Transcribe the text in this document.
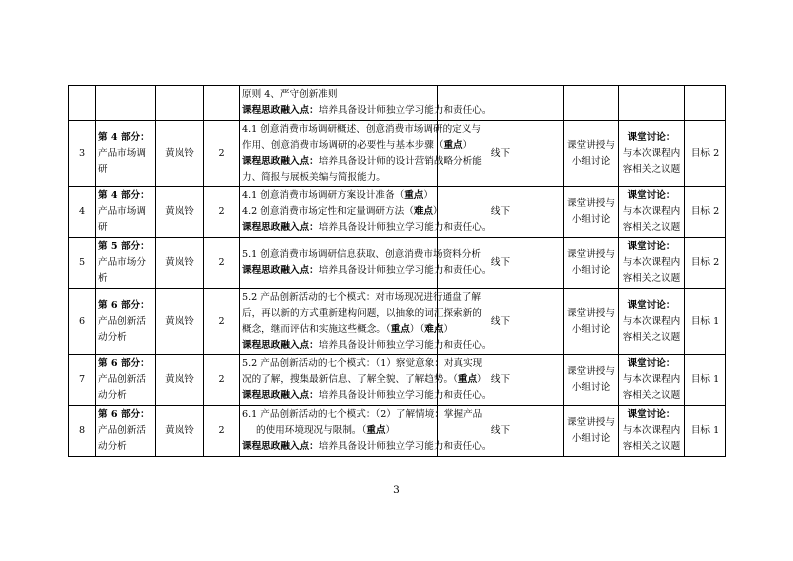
				原则 4、严守创新准则
课程思政融入点：培养具备设计师独立学习能力和责任心。				

3	第 4 部分：
产品市场调研	黄岚铃	2	4.1 创意消费市场调研概述、创意消费市场调研的定义与
作用、创意消费市场调研的必要性与基本步骤（重点）
课程思政融入点：培养具备设计师的设计营销战略分析能
力、简报与展板美编与简报能力。	线下	课堂讲授与小组讨论	课堂讨论：
与本次课程内容相关之议题	目标 2
4	第 4 部分：
产品市场调研	黄岚铃	2	4.1 创意消费市场调研方案设计准备（重点）
4.2 创意消费市场定性和定量调研方法（难点）
课程思政融入点：培养具备设计师独立学习能力和责任心。	线下	课堂讲授与小组讨论	课堂讨论：
与本次课程内容相关之议题	目标 2
5	第 5 部分：
产品市场分析	黄岚铃	2	5.1 创意消费市场调研信息获取、创意消费市场资料分析
课程思政融入点：培养具备设计师独立学习能力和责任心。	线下	课堂讲授与小组讨论	课堂讨论：
与本次课程内容相关之议题	目标 2
6	第 6 部分：
产品创新活动分析	黄岚铃	2	5.2 产品创新活动的七个模式：对市场现况进行通盘了解
后，再以新的方式重新建构问题，以抽象的词汇探索新的
概念，继而评估和实施这些概念。（重点）（难点）
课程思政融入点：培养具备设计师独立学习能力和责任心。	线下	课堂讲授与小组讨论	课堂讨论：
与本次课程内容相关之议题	目标 1
7	第 6 部分：
产品创新活动分析	黄岚铃	2	5.2 产品创新活动的七个模式：（1）察觉意象：对真实现
况的了解，搜集最新信息、了解全貌、了解趋势。（重点）
课程思政融入点：培养具备设计师独立学习能力和责任心。	线下	课堂讲授与小组讨论	课堂讨论：
与本次课程内容相关之议题	目标 1
8	第 6 部分：
产品创新活动分析	黄岚铃	2	6.1 产品创新活动的七个模式：（2）了解情境：掌握产品
的使用环境现况与限制。（重点）
课程思政融入点：培养具备设计师独立学习能力和责任心。	线下	课堂讲授与小组讨论	课堂讨论：
与本次课程内容相关之议题	目标 1
3
